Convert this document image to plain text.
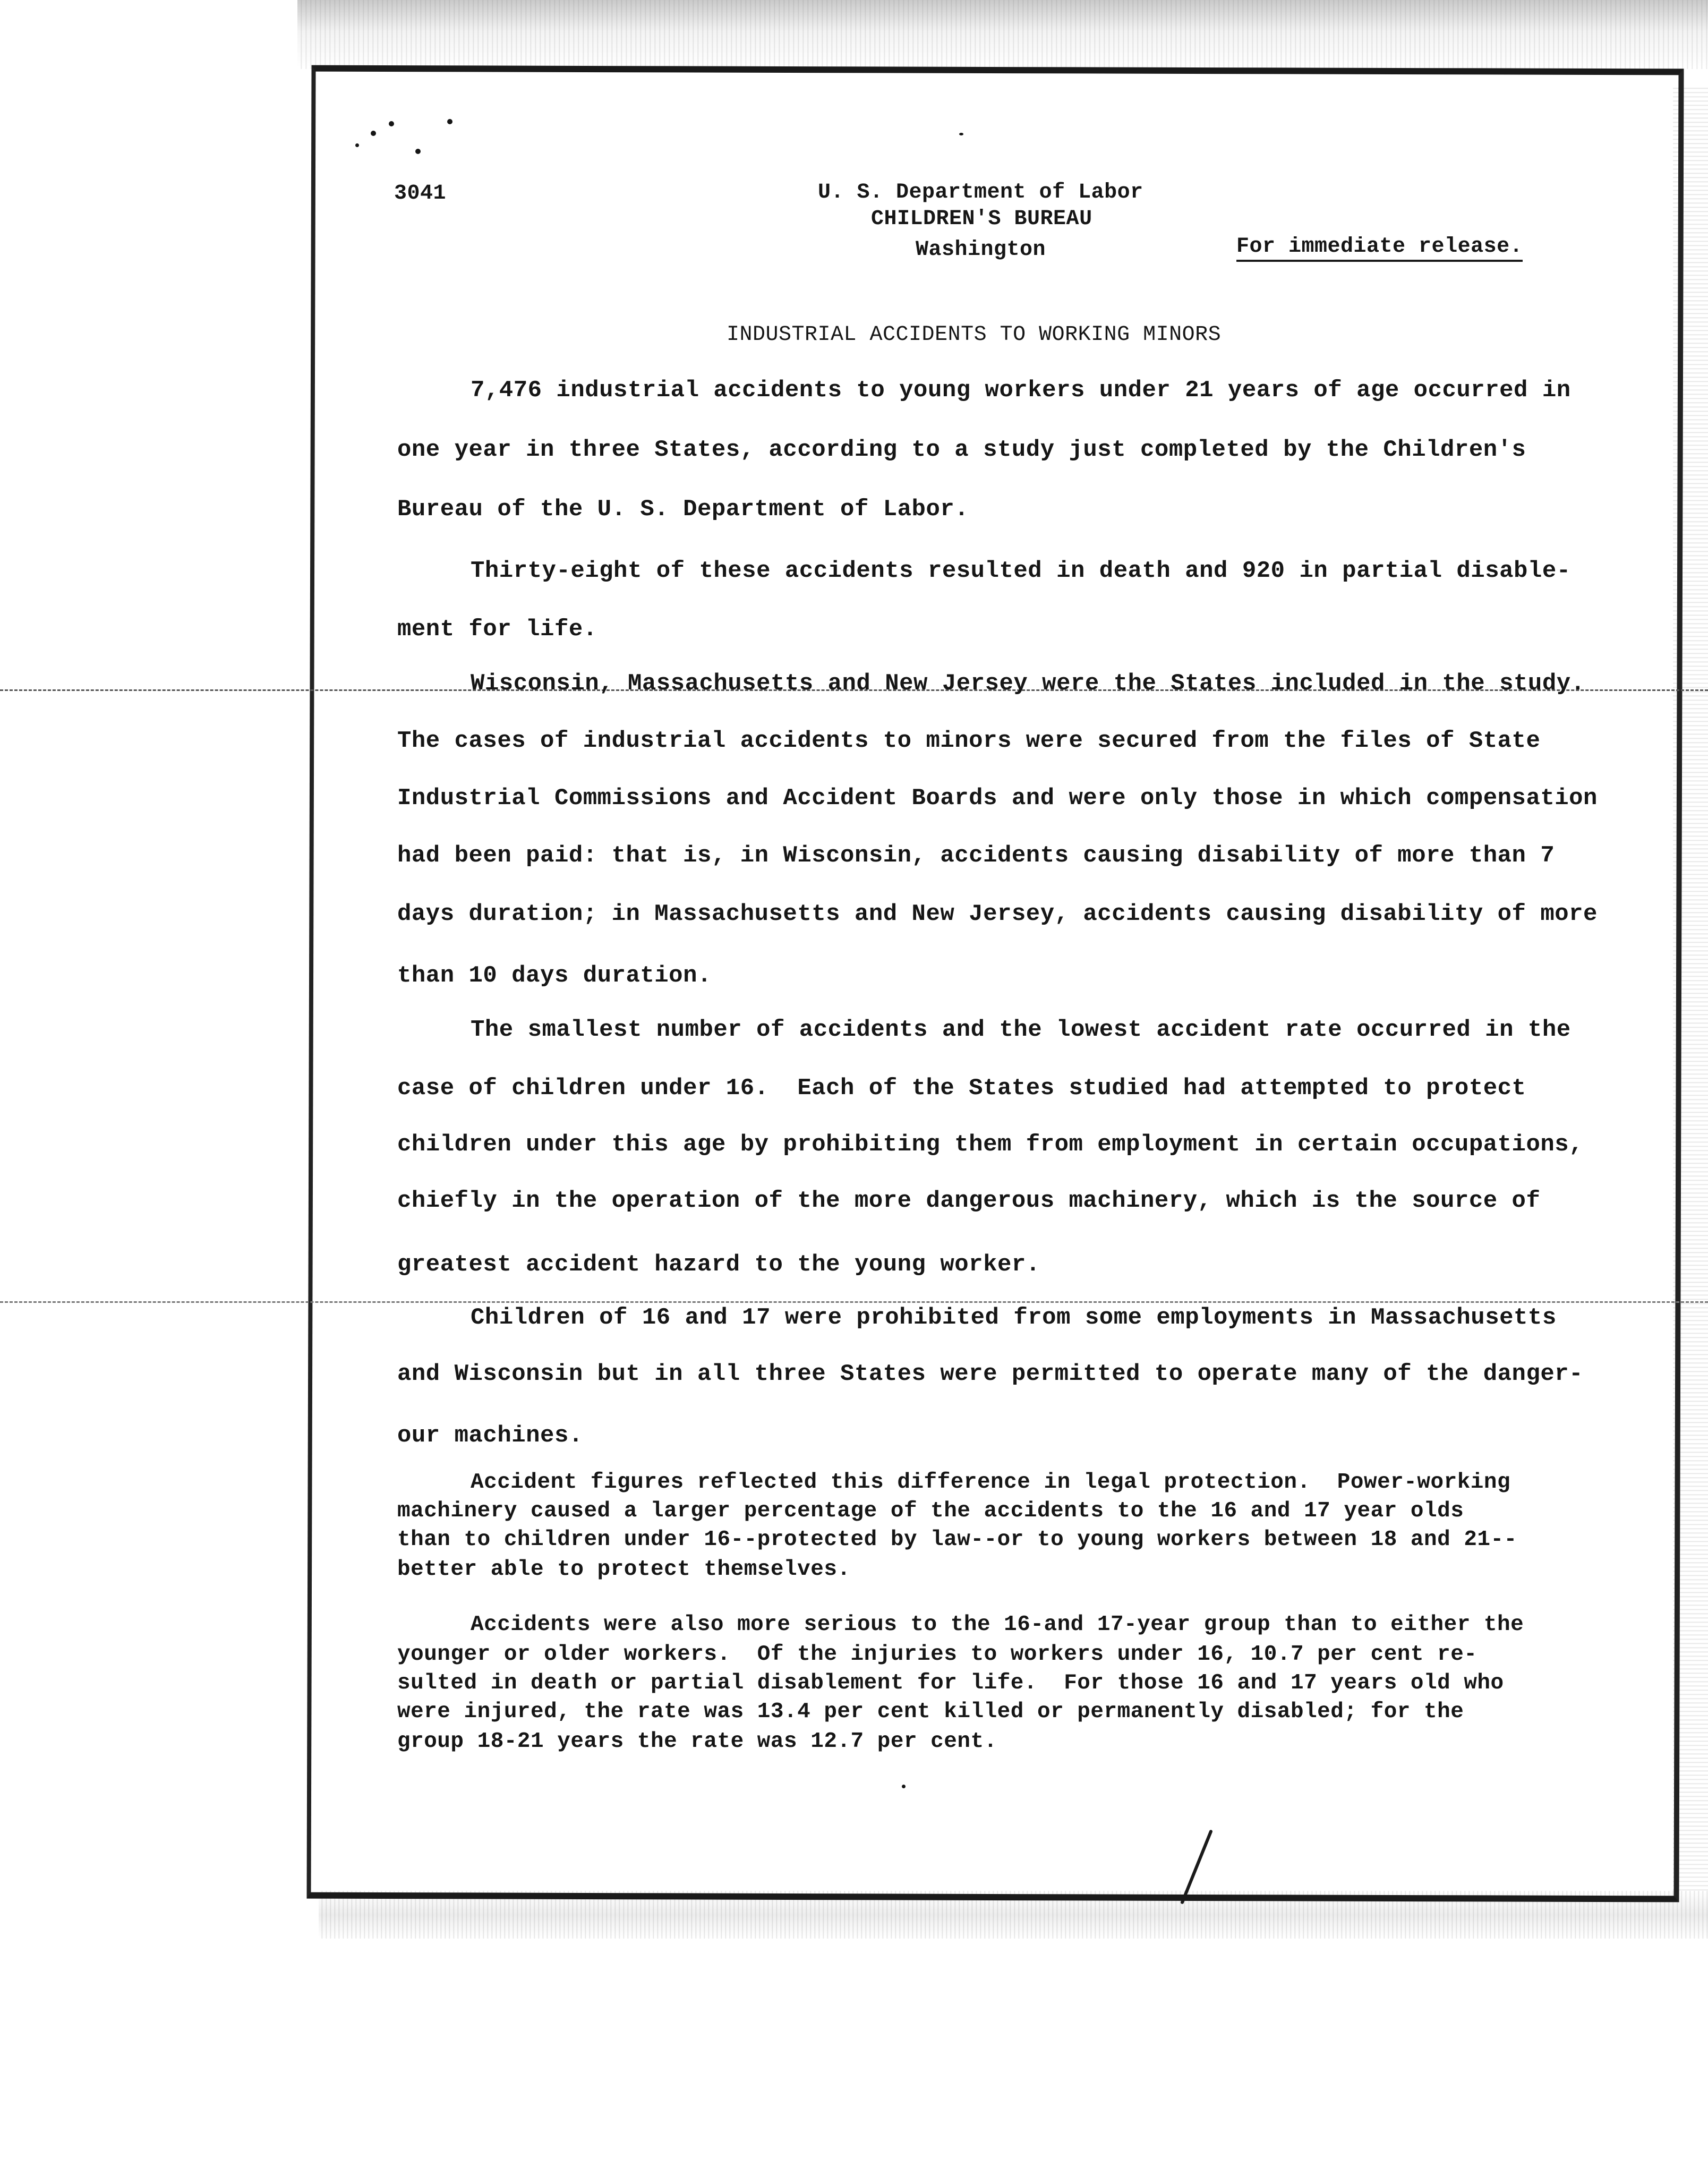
3041	U. S. Department of Labor
CHILDREN'S BUREAU
Washington	For immediate release.
INDUSTRIAL ACCIDENTS TO WORKING MINORS
7,476 industrial accidents to young workers under 21 years of age occurred in
one year in three States, according to a study just completed by the Children's
Bureau of the U. S. Department of Labor.
Thirty-eight of these accidents resulted in death and 920 in partial disable-
ment for life.
Wisconsin, Massachusetts and New Jersey were the States included in the study.
The cases of industrial accidents to minors were secured from the files of State
Industrial Commissions and Accident Boards and were only those in which compensation
had been paid: that is, in Wisconsin, accidents causing disability of more than 7
days duration; in Massachusetts and New Jersey, accidents causing disability of more
than 10 days duration.
The smallest number of accidents and the lowest accident rate occurred in the
case of children under 16.  Each of the States studied had attempted to protect
children under this age by prohibiting them from employment in certain occupations,
chiefly in the operation of the more dangerous machinery, which is the source of
greatest accident hazard to the young worker.
Children of 16 and 17 were prohibited from some employments in Massachusetts
and Wisconsin but in all three States were permitted to operate many of the danger-
our machines.
Accident figures reflected this difference in legal protection.  Power-working
machinery caused a larger percentage of the accidents to the 16 and 17 year olds
than to children under 16--protected by law--or to young workers between 18 and 21--
better able to protect themselves.
Accidents were also more serious to the 16-and 17-year group than to either the
younger or older workers.  Of the injuries to workers under 16, 10.7 per cent re-
sulted in death or partial disablement for life.  For those 16 and 17 years old who
were injured, the rate was 13.4 per cent killed or permanently disabled; for the
group 18-21 years the rate was 12.7 per cent.
